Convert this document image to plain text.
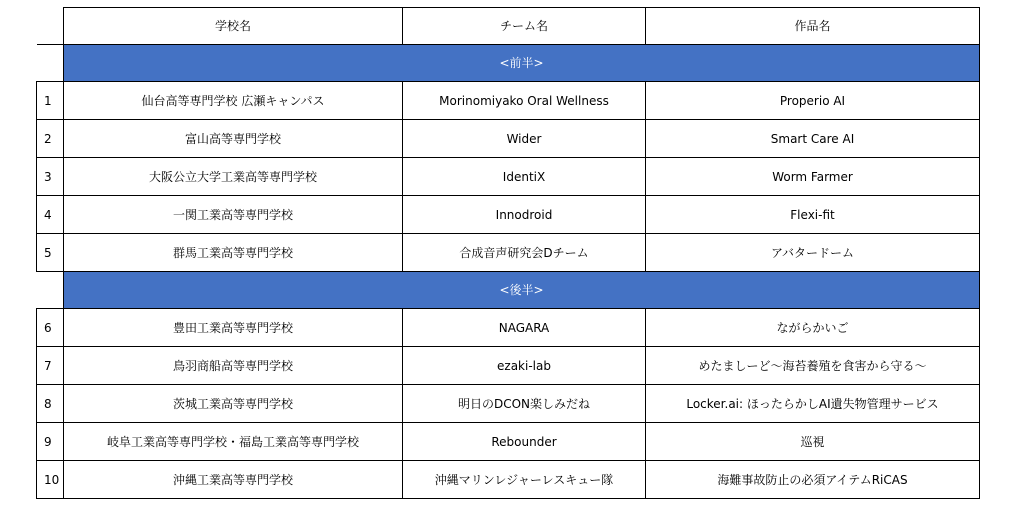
	学校名	チーム名	作品名
	<前半>		
1	仙台高等専門学校 広瀬キャンパス	Morinomiyako Oral Wellness	Properio AI
2	富山高等専門学校	Wider	Smart Care AI
3	大阪公立大学工業高等専門学校	IdentiX	Worm Farmer
4	一関工業高等専門学校	Innodroid	Flexi-fit
5	群馬工業高等専門学校	合成音声研究会Dチーム	アバタードーム
	<後半>		
6	豊田工業高等専門学校	NAGARA	ながらかいご
7	鳥羽商船高等専門学校	ezaki-lab	めたましーど〜海苔養殖を食害から守る〜
8	茨城工業高等専門学校	明日のDCON楽しみだね	Locker.ai: ほったらかしAI遺失物管理サービス
9	岐阜工業高等専門学校・福島工業高等専門学校	Rebounder	巡視
10	沖縄工業高等専門学校	沖縄マリンレジャーレスキュー隊	海難事故防止の必須アイテムRiCAS
